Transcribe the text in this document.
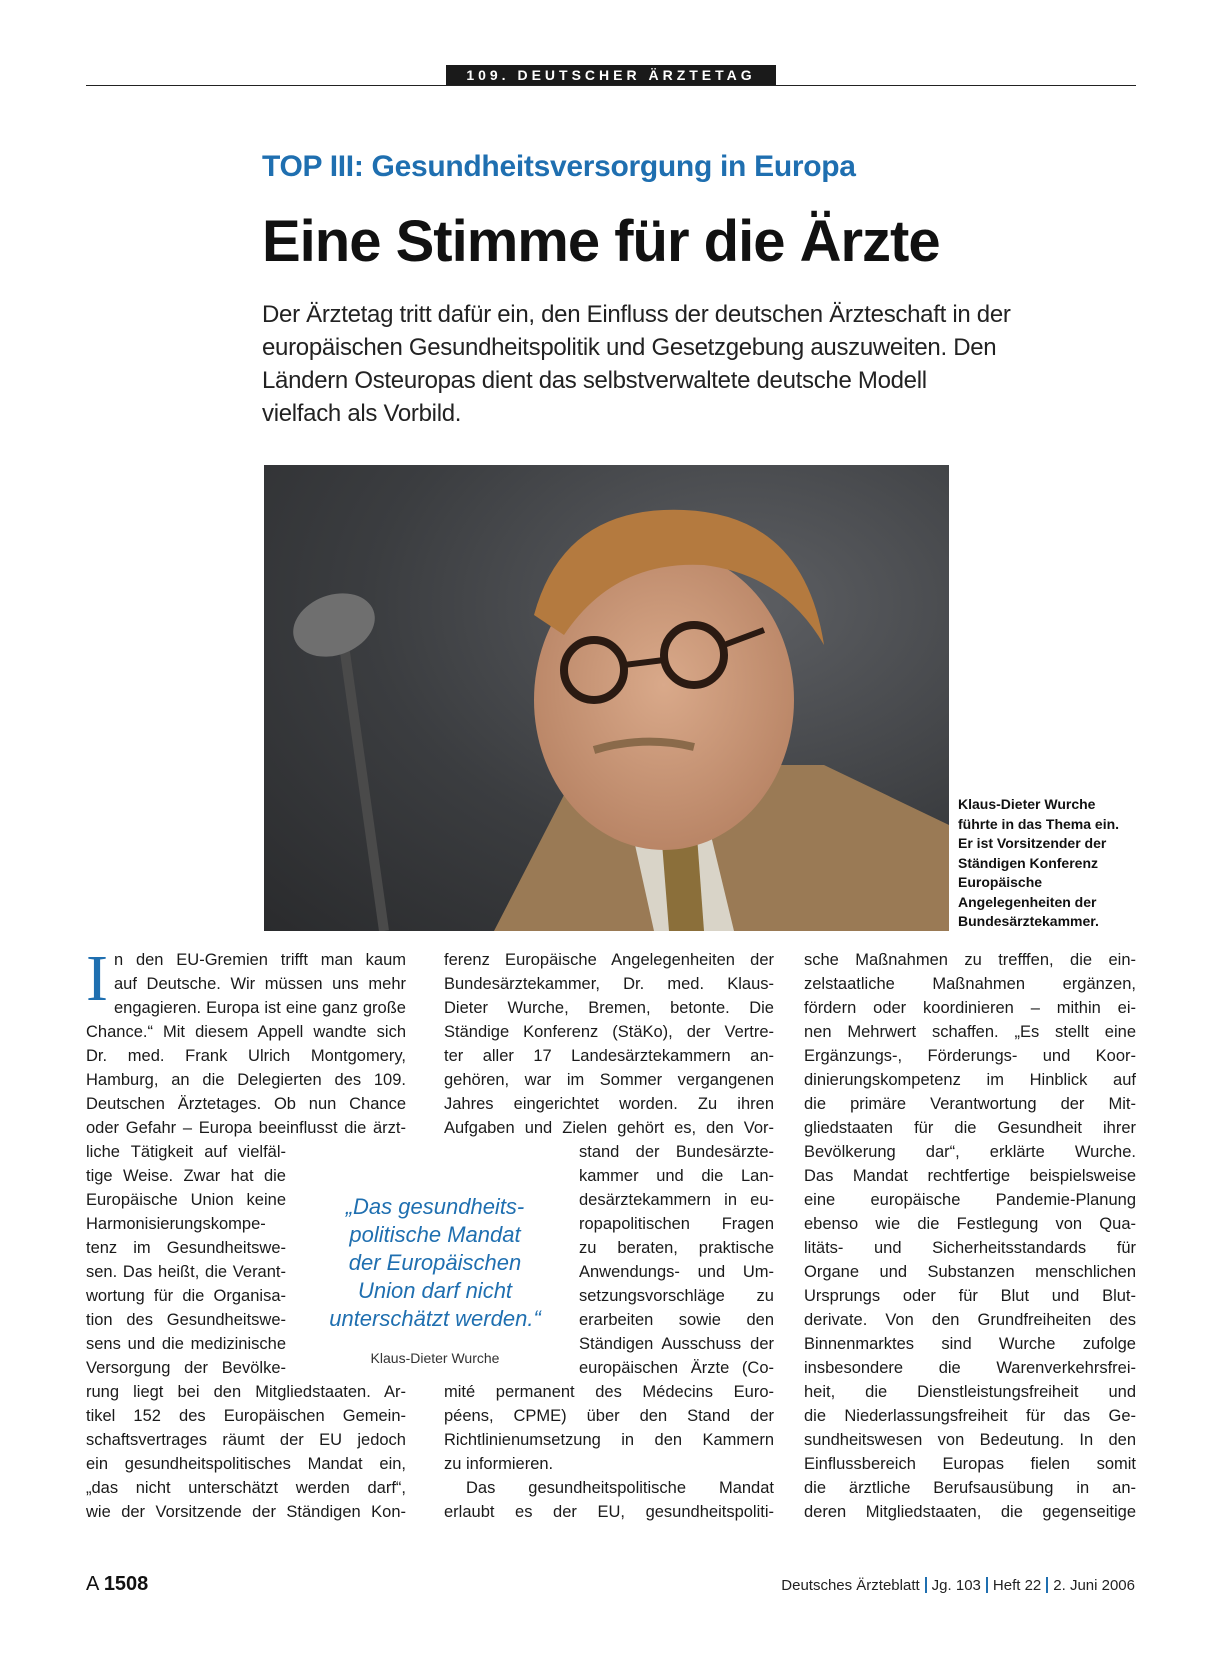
109. DEUTSCHER ÄRZTETAG
TOP III: Gesundheitsversorgung in Europa
Eine Stimme für die Ärzte
Der Ärztetag tritt dafür ein, den Einfluss der deutschen Ärzteschaft in der europäischen Gesundheitspolitik und Gesetzgebung auszuweiten. Den Ländern Osteuropas dient das selbstverwaltete deutsche Modell vielfach als Vorbild.
Klaus-Dieter Wurche führte in das Thema ein. Er ist Vorsitzender der Ständigen Konferenz Europäische Angelegenheiten der Bundesärztekammer.
I n den EU-Gremien trifft man kaum
auf Deutsche. Wir müssen uns mehr
engagieren. Europa ist eine ganz große
Chance.“ Mit diesem Appell wandte sich
Dr. med. Frank Ulrich Montgomery,
Hamburg, an die Delegierten des 109.
Deutschen Ärztetages. Ob nun Chance
oder Gefahr – Europa beeinflusst die ärzt-
liche Tätigkeit auf vielfäl-
tige Weise. Zwar hat die
Europäische Union keine
Harmonisierungskompe-
tenz im Gesundheitswe-
sen. Das heißt, die Verant-
wortung für die Organisa-
tion des Gesundheitswe-
sens und die medizinische
Versorgung der Bevölke-
rung liegt bei den Mitgliedstaaten. Ar-
tikel 152 des Europäischen Gemein-
schaftsvertrages räumt der EU jedoch
ein gesundheitspolitisches Mandat ein,
„das nicht unterschätzt werden darf“,
wie der Vorsitzende der Ständigen Kon-
ferenz Europäische Angelegenheiten der
Bundesärztekammer, Dr. med. Klaus-
Dieter Wurche, Bremen, betonte. Die
Ständige Konferenz (StäKo), der Vertre-
ter aller 17 Landesärztekammern an-
gehören, war im Sommer vergangenen
Jahres eingerichtet worden. Zu ihren
Aufgaben und Zielen gehört es, den Vor-
stand der Bundesärzte-
kammer und die Lan-
desärztekammern in eu-
ropapolitischen Fragen
zu beraten, praktische
Anwendungs- und Um-
setzungsvorschläge zu
erarbeiten sowie den
Ständigen Ausschuss der
europäischen Ärzte (Co-
mité permanent des Médecins Euro-
péens, CPME) über den Stand der
Richtlinienumsetzung in den Kammern
zu informieren.
Das gesundheitspolitische Mandat
erlaubt es der EU, gesundheitspoliti-
sche Maßnahmen zu trefffen, die ein-
zelstaatliche Maßnahmen ergänzen,
fördern oder koordinieren – mithin ei-
nen Mehrwert schaffen. „Es stellt eine
Ergänzungs-, Förderungs- und Koor-
dinierungskompetenz im Hinblick auf
die primäre Verantwortung der Mit-
gliedstaaten für die Gesundheit ihrer
Bevölkerung dar“, erklärte Wurche.
Das Mandat rechtfertige beispielsweise
eine europäische Pandemie-Planung
ebenso wie die Festlegung von Qua-
litäts- und Sicherheitsstandards für
Organe und Substanzen menschlichen
Ursprungs oder für Blut und Blut-
derivate. Von den Grundfreiheiten des
Binnenmarktes sind Wurche zufolge
insbesondere die Warenverkehrsfrei-
heit, die Dienstleistungsfreiheit und
die Niederlassungsfreiheit für das Ge-
sundheitswesen von Bedeutung. In den
Einflussbereich Europas fielen somit
die ärztliche Berufsausübung in an-
deren Mitgliedstaaten, die gegenseitige
„Das gesundheits-
politische Mandat
der Europäischen
Union darf nicht
unterschätzt werden.“
Klaus-Dieter Wurche
A 1508	Deutsches Ärzteblatt Jg. 103 Heft 22 2. Juni 2006
